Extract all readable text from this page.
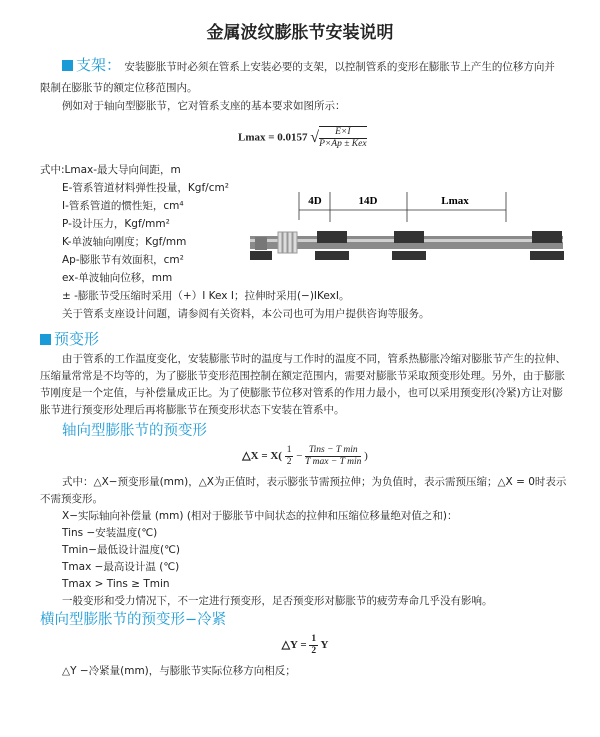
金属波纹膨胀节安装说明
支架： 安装膨胀节时必须在管系上安装必要的支架，以控制管系的变形在膨胀节上产生的位移方向并
限制在膨胀节的额定位移范围内。
例如对于轴向型膨胀节，它对管系支座的基本要求如图所示：
Lmax = 0.0157 √ $\frac{E\times I}{\text{P×Ap ± Kex}}$
式中:Lmax-最大导向间距，m
E-管系管道材料弹性投量，Kgf/cm²
I-管系管道的惯性矩，cm⁴
P-设计压力，Kgf/mm²
K-单波轴向刚度；Kgf/mm
Ap-膨胀节有效面积，cm²
ex-单波轴向位移，mm
± -膨胀节受压缩时采用（+）I Kex I；拉伸时采用(−)IKexI。
关于管系支座设计问题，请参阅有关资料，本公司也可为用户提供咨询等服务。
4D	14D	Lmax
预变形
由于管系的工作温度变化，安装膨胀节时的温度与工作时的温度不同，管系热膨胀冷缩对膨胀节产生的拉伸、压缩量常常是不均等的，为了膨胀节变形范围控制在额定范围内，需要对膨胀节采取预变形处理。另外，由于膨胀节刚度是一个定值，与补偿量成正比。为了使膨胀节位移对管系的作用力最小，也可以采用预变形(冷紧)方让对膨胀节进行预变形处理后再将膨胀节在预变形状态下安装在管系中。
轴向型膨胀节的预变形
△X = $X( \frac{1}{2} - \frac{\text{Tins − T min}}{\text{T max − T min}}$ )
式中：△X−预变形量(mm)，△X为正值时，表示膨张节需预拉伸；为负值时，表示需预压缩；△X = 0时表示不需预变形。
X−实际轴向补偿量 (mm) (相对于膨胀节中间状态的拉伸和压缩位移量绝对值之和)：
Tins −安装温度(℃)
Tmin−最低设计温度(℃)
Tmax −最高设计温 (℃)
Tmax > Tins ≥ Tmin
一般变形和受力情况下，不一定进行预变形，足否预变形对膨胀节的疲劳寿命几乎没有影响。
横向型膨胀节的预变形−冷紧
△Y = $\frac{1}{2}$ Y
△Y −冷紧量(mm)，与膨胀节实际位移方向相反；
